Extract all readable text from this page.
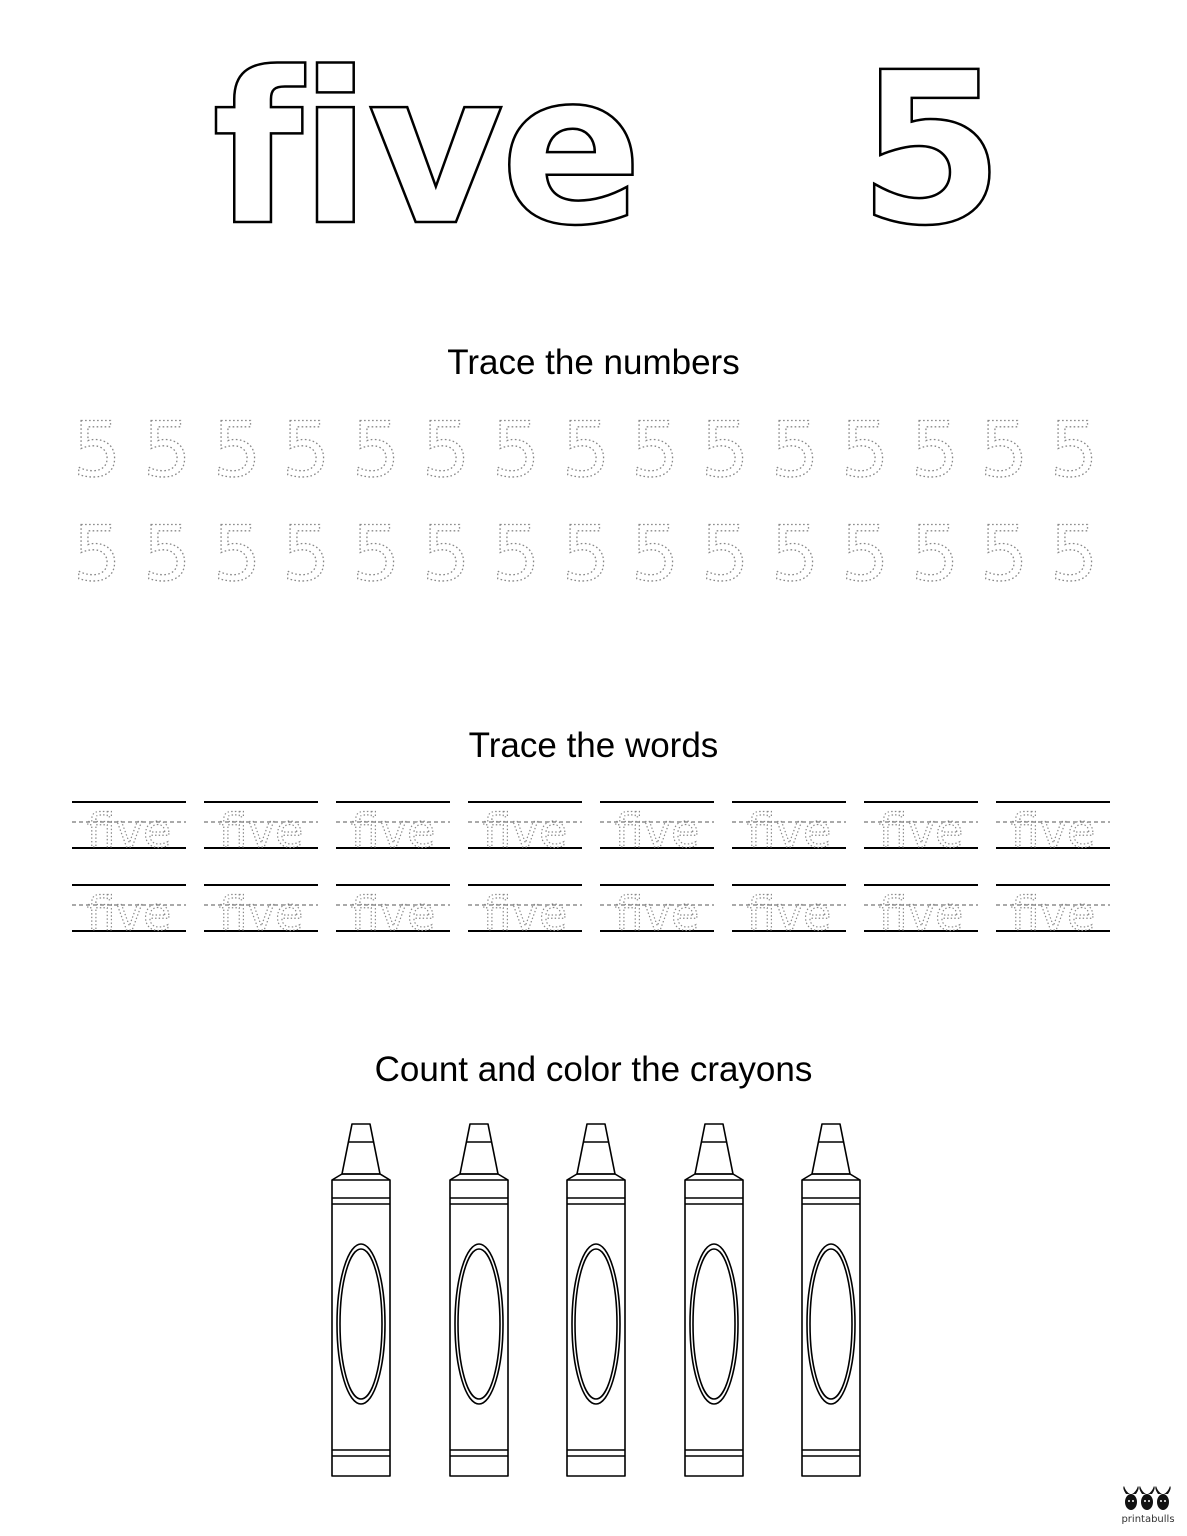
five 5
Trace the numbers
5 5 5 5 5 5 5 5 5 5 5 5 5 5 5
5 5 5 5 5 5 5 5 5 5 5 5 5 5 5
Trace the words
five five five five five five five five
five five five five five five five five
Count and color the crayons
printabulls
